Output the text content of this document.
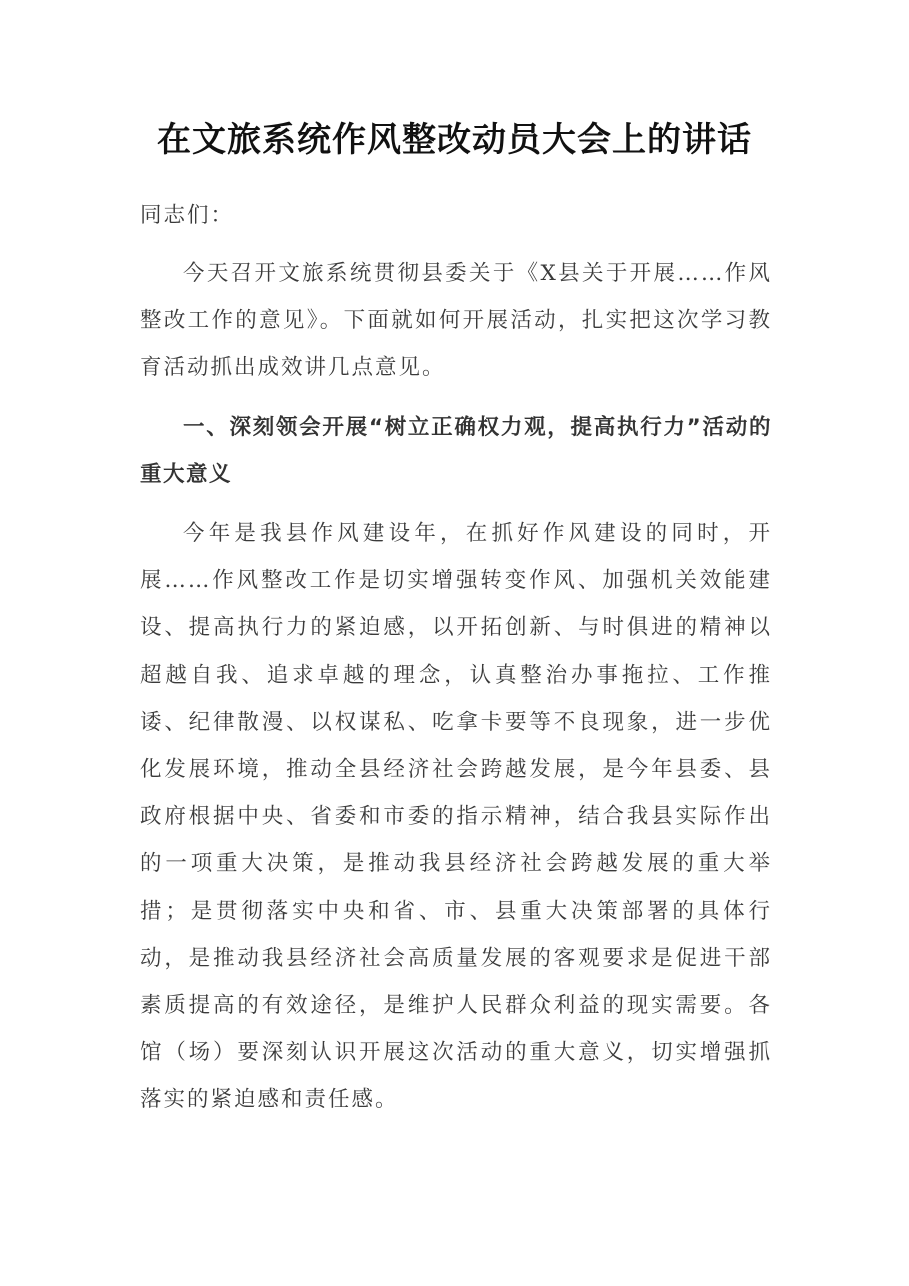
在文旅系统作风整改动员大会上的讲话

同志们：

今天召开文旅系统贯彻县委关于《X县关于开展……作风整改工作的意见》。下面就如何开展活动，扎实把这次学习教育活动抓出成效讲几点意见。

一、深刻领会开展“树立正确权力观，提高执行力”活动的重大意义

今年是我县作风建设年，在抓好作风建设的同时，开展……作风整改工作是切实增强转变作风、加强机关效能建设、提高执行力的紧迫感，以开拓创新、与时俱进的精神以超越自我、追求卓越的理念，认真整治办事拖拉、工作推诿、纪律散漫、以权谋私、吃拿卡要等不良现象，进一步优化发展环境，推动全县经济社会跨越发展，是今年县委、县政府根据中央、省委和市委的指示精神，结合我县实际作出的一项重大决策，是推动我县经济社会跨越发展的重大举措；是贯彻落实中央和省、市、县重大决策部署的具体行动，是推动我县经济社会高质量发展的客观要求是促进干部素质提高的有效途径，是维护人民群众利益的现实需要。各馆（场）要深刻认识开展这次活动的重大意义，切实增强抓落实的紧迫感和责任感。
